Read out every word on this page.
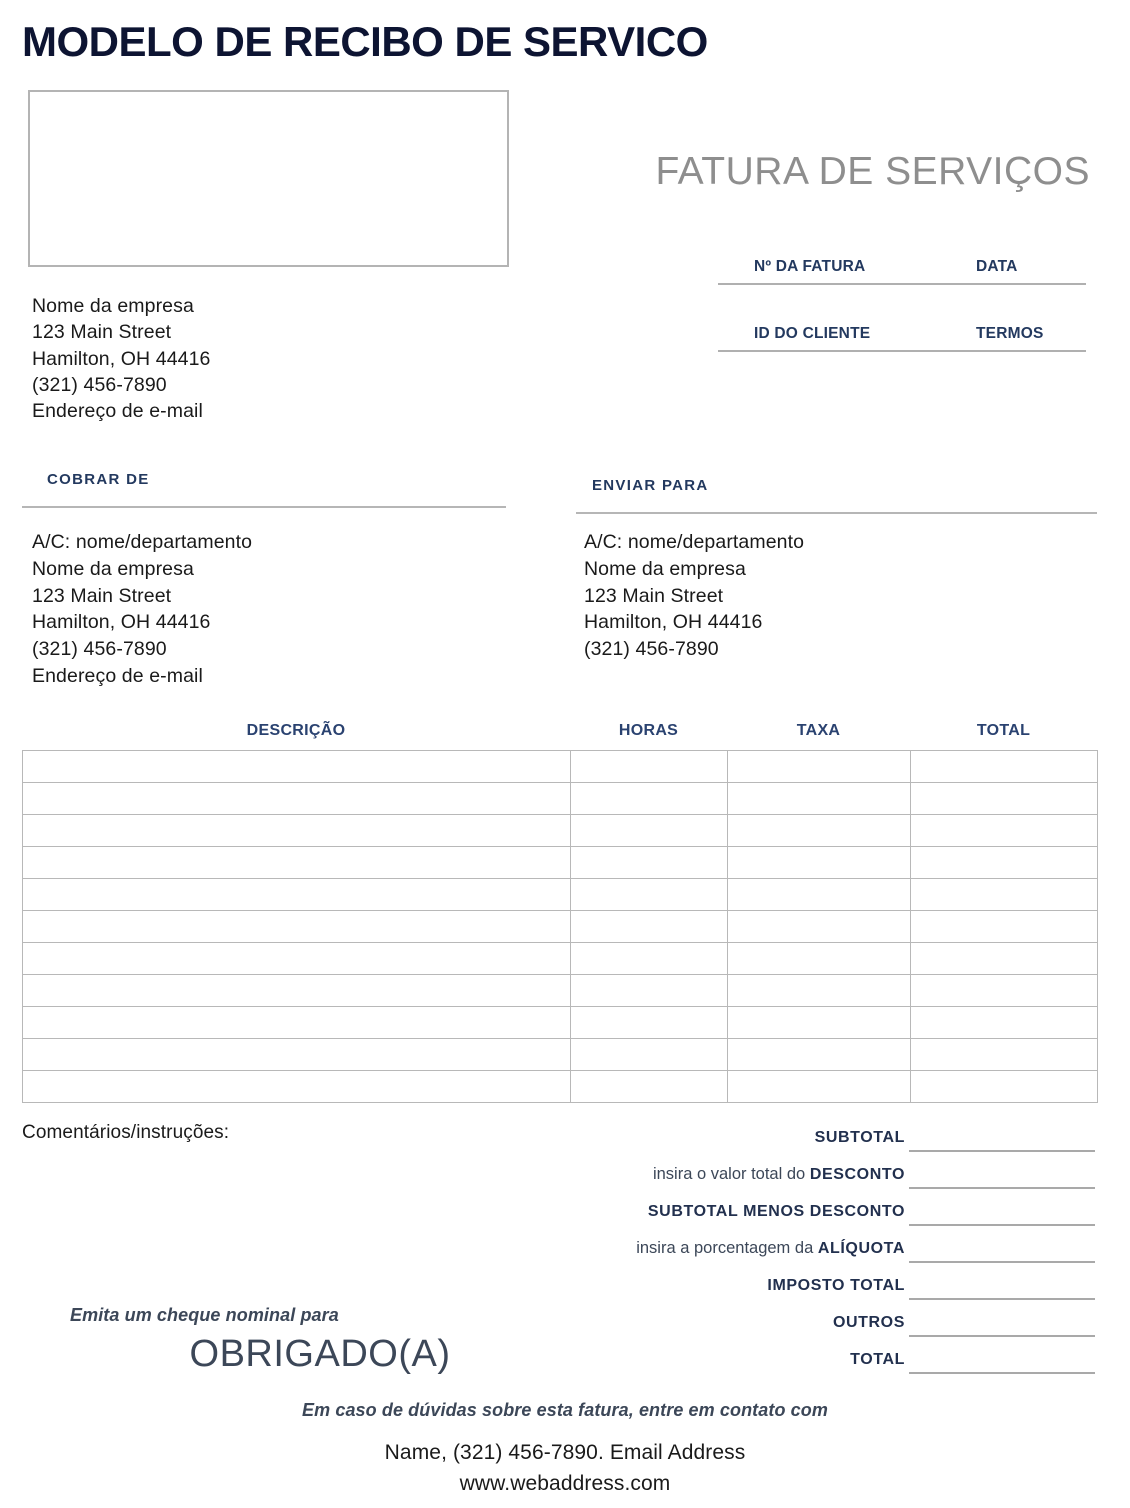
MODELO DE RECIBO DE SERVICO
FATURA DE SERVIÇOS
Nº DA FATURA	DATA
ID DO CLIENTE	TERMOS
Nome da empresa
123 Main Street
Hamilton, OH 44416
(321) 456-7890
Endereço de e-mail
COBRAR DE
A/C: nome/departamento
Nome da empresa
123 Main Street
Hamilton, OH 44416
(321) 456-7890
Endereço de e-mail
ENVIAR PARA
A/C: nome/departamento
Nome da empresa
123 Main Street
Hamilton, OH 44416
(321) 456-7890
DESCRIÇÃO	HORAS	TAXA	TOTAL

Comentários/instruções:	SUBTOTAL
insira o valor total do DESCONTO
SUBTOTAL MENOS DESCONTO
insira a porcentagem da ALÍQUOTA
IMPOSTO TOTAL
OUTROS
TOTAL
Emita um cheque nominal para
OBRIGADO(A)
Em caso de dúvidas sobre esta fatura, entre em contato com
Name, (321) 456-7890. Email Address
www.webaddress.com
